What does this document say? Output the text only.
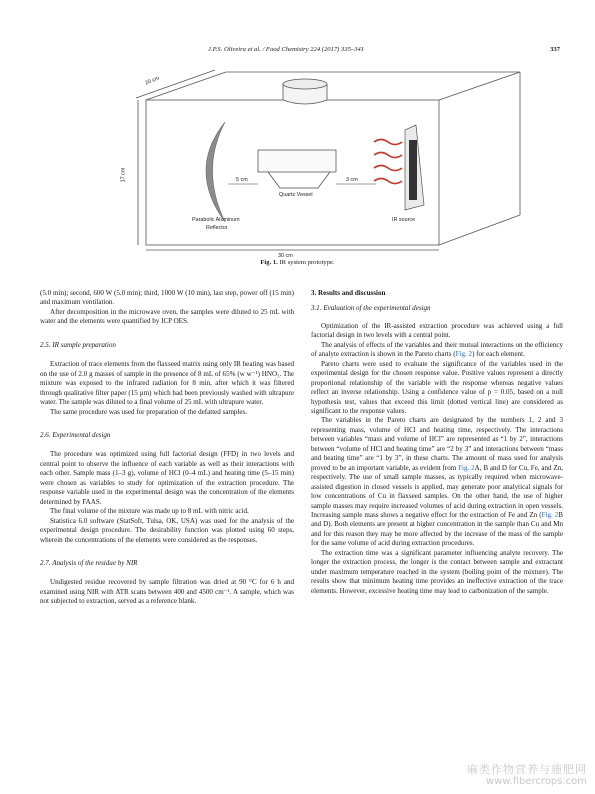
J.P.S. Oliveira et al. / Food Chemistry 224 (2017) 335–341	337
20 cm
17 cm
30 cm
5 cm	3 cm
Quartz Vessel
Parabolic Aluminum
Reflector
IR source
Fig. 1. IR system prototype.

(5.0 min); second, 600 W (5.0 min); third, 1000 W (10 min), last step, power off (15 min) and maximum ventilation.

After decomposition in the microwave oven, the samples were diluted to 25 mL with water and the elements were quantified by ICP OES.

2.5. IR sample preparation

Extraction of trace elements from the flaxseed matrix using only IR heating was based on the use of 2.0 g masses of sample in the presence of 8 mL of 65% (w w⁻¹) HNO₃. The mixture was exposed to the infrared radiation for 8 min, after which it was filtered through qualitative filter paper (15 µm) which had been previously washed with ultrapure water. The sample was diluted to a final volume of 25 mL with ultrapure water.

The same procedure was used for preparation of the defatted samples.

2.6. Experimental design

The procedure was optimized using full factorial design (FFD) in two levels and central point to observe the influence of each variable as well as their interactions with each other. Sample mass (1–3 g), volume of HCl (0–4 mL) and heating time (5–15 min) were chosen as variables to study for optimization of the extraction procedure. The response variable used in the experimental design was the concentration of the elements determined by FAAS.

The final volume of the mixture was made up to 8 mL with nitric acid.

Statistica 6.0 software (StatSoft, Tulsa, OK, USA) was used for the analysis of the experimental design procedure. The desirability function was plotted using 60 steps, wherein the concentrations of the elements were considered as the responses.

2.7. Analysis of the residue by NIR

Undigested residue recovered by sample filtration was dried at 90 °C for 6 h and examined using NIR with ATR scans between 400 and 4500 cm⁻¹. A sample, which was not subjected to extraction, served as a reference blank.

3. Results and discussion
3.1. Evaluation of the experimental design

Optimization of the IR-assisted extraction procedure was achieved using a full factorial design in two levels with a central point.

The analysis of effects of the variables and their mutual interactions on the efficiency of analyte extraction is shown in the Pareto charts (Fig. 2) for each element.

Pareto charts were used to evaluate the significance of the variables used in the experimental design for the chosen response value. Positive values represent a directly proportional relationship of the variable with the response whereas negative values reflect an inverse relationship. Using a confidence value of p = 0.05, based on a null hypothesis test, values that exceed this limit (dotted vertical line) are considered as significant to the response values.

The variables in the Pareto charts are designated by the numbers 1, 2 and 3 representing mass, volume of HCl and heating time, respectively. The interactions between variables “mass and volume of HCl” are represented as “1 by 2”, interactions between “volume of HCl and heating time” are “2 by 3” and interactions between “mass and heating time” are “1 by 3”, in these charts. The amount of mass used for analysis proved to be an important variable, as evident from Fig. 2A, B and D for Cu, Fe, and Zn, respectively. The use of small sample masses, as typically required when microwave-assisted digestion in closed vessels is applied, may generate poor analytical signals for low concentrations of Cu in flaxseed samples. On the other hand, the use of higher sample masses may require increased volumes of acid during extraction in open vessels. Increasing sample mass shows a negative effect for the extraction of Fe and Zn (Fig. 2B and D). Both elements are present at higher concentration in the sample than Cu and Mn and for this reason they may be more affected by the increase of the mass of the sample for the same volume of acid during extraction procedures.

The extraction time was a significant parameter influencing analyte recovery. The longer the extraction process, the longer is the contact between sample and extractant under maximum temperature reached in the system (boiling point of the mixture). The results show that minimum heating time provides an ineffective extraction of the trace elements. However, excessive heating time may lead to carbonization of the sample.

麻类作物营养与施肥网
www.fibercrops.com
